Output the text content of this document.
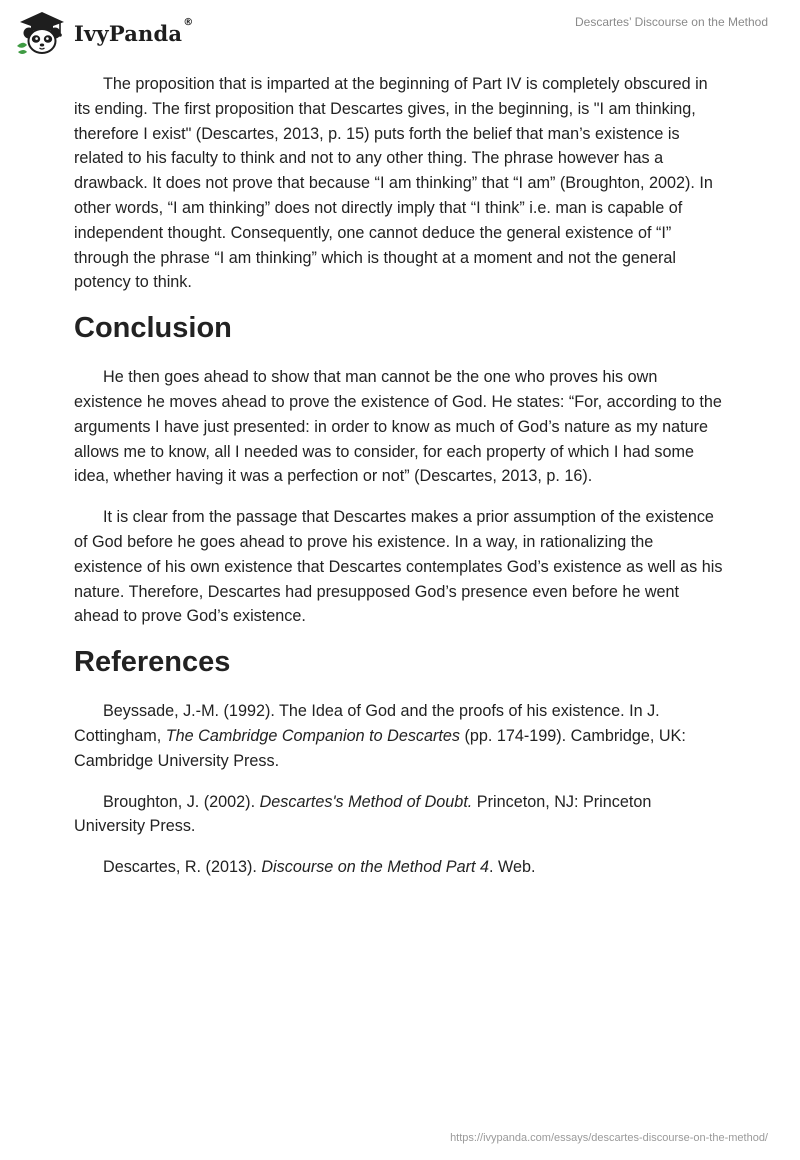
IvyPanda®	Descartes’ Discourse on the Method

The proposition that is imparted at the beginning of Part IV is completely obscured in its ending. The first proposition that Descartes gives, in the beginning, is "I am thinking, therefore I exist" (Descartes, 2013, p. 15) puts forth the belief that man’s existence is related to his faculty to think and not to any other thing. The phrase however has a drawback. It does not prove that because “I am thinking” that “I am” (Broughton, 2002). In other words, “I am thinking” does not directly imply that “I think” i.e. man is capable of independent thought. Consequently, one cannot deduce the general existence of “I” through the phrase “I am thinking” which is thought at a moment and not the general potency to think.

Conclusion

He then goes ahead to show that man cannot be the one who proves his own existence he moves ahead to prove the existence of God. He states: “For, according to the arguments I have just presented: in order to know as much of God’s nature as my nature allows me to know, all I needed was to consider, for each property of which I had some idea, whether having it was a perfection or not” (Descartes, 2013, p. 16).

It is clear from the passage that Descartes makes a prior assumption of the existence of God before he goes ahead to prove his existence. In a way, in rationalizing the existence of his own existence that Descartes contemplates God’s existence as well as his nature. Therefore, Descartes had presupposed God’s presence even before he went ahead to prove God’s existence.

References

Beyssade, J.-M. (1992). The Idea of God and the proofs of his existence. In J. Cottingham, The Cambridge Companion to Descartes (pp. 174-199). Cambridge, UK: Cambridge University Press.

Broughton, J. (2002). Descartes's Method of Doubt. Princeton, NJ: Princeton University Press.

Descartes, R. (2013). Discourse on the Method Part 4. Web.

https://ivypanda.com/essays/descartes-discourse-on-the-method/
